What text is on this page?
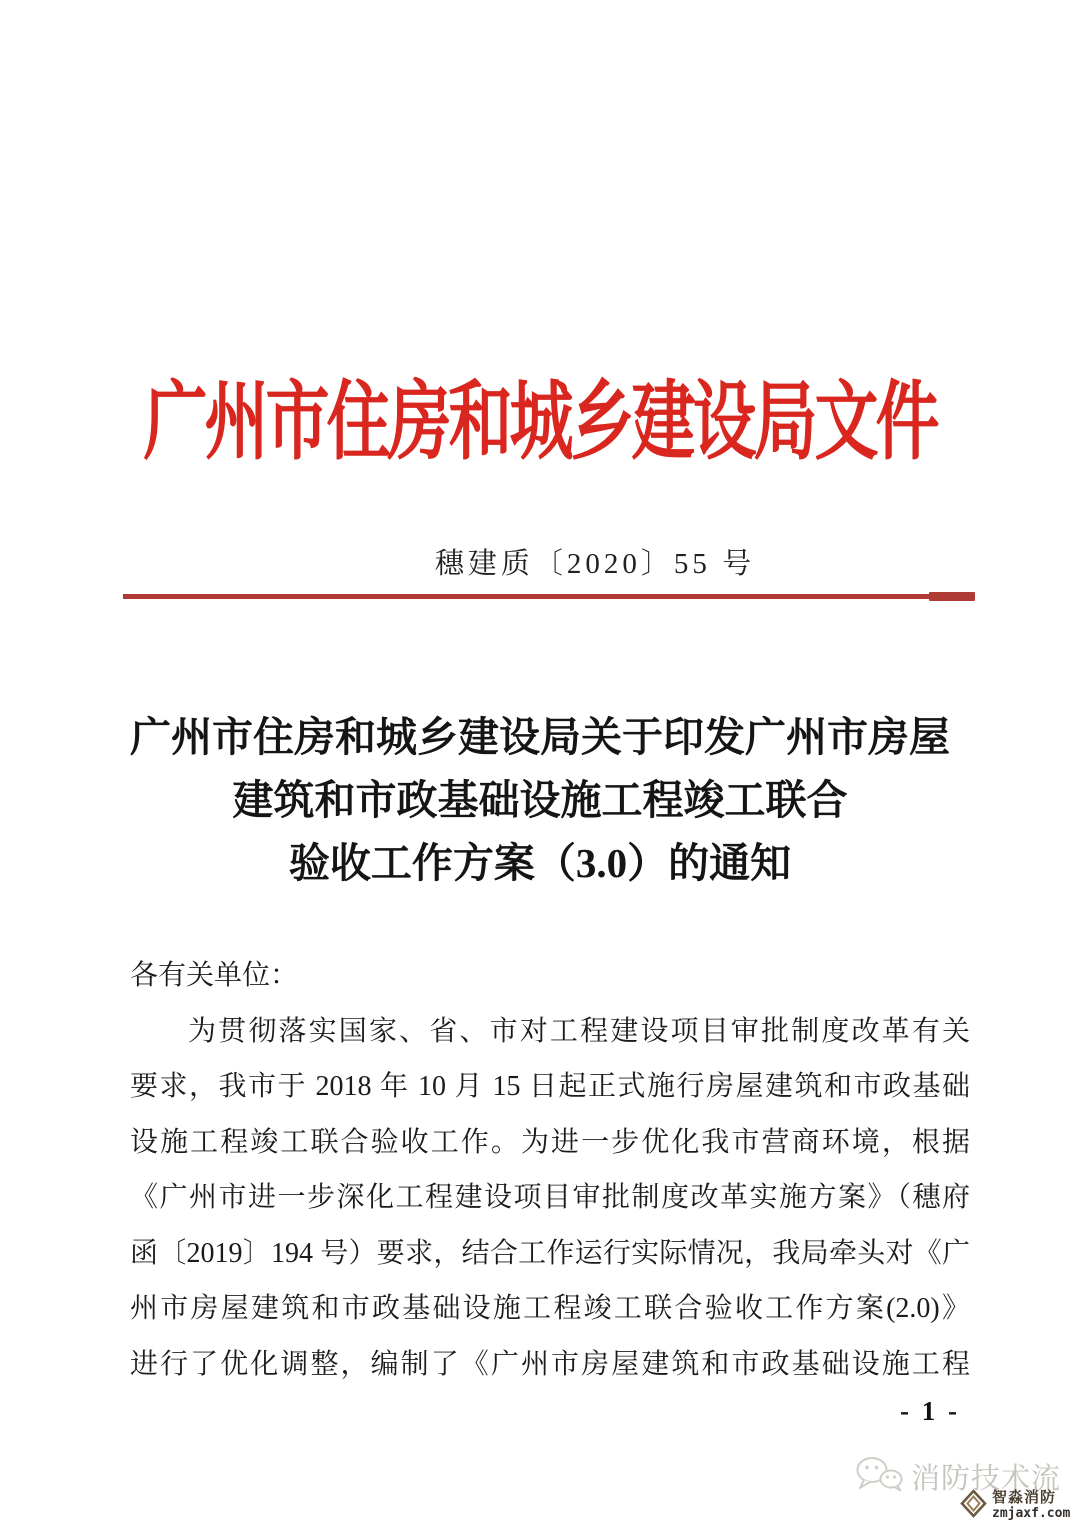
广州市住房和城乡建设局文件
穗建质〔2020〕55 号
广州市住房和城乡建设局关于印发广州市房屋
建筑和市政基础设施工程竣工联合
验收工作方案（3.0）的通知
各有关单位：
为贯彻落实国家、省、市对工程建设项目审批制度改革有关
要求，我市于 2018 年 10 月 15 日起正式施行房屋建筑和市政基础
设施工程竣工联合验收工作。为进一步优化我市营商环境，根据
《广州市进一步深化工程建设项目审批制度改革实施方案》（穗府
函〔2019〕194 号）要求，结合工作运行实际情况，我局牵头对《广
州市房屋建筑和市政基础设施工程竣工联合验收工作方案(2.0)》
进行了优化调整，编制了《广州市房屋建筑和市政基础设施工程
- 1 -
消防技术流
智淼消防
zmjaxf.com
